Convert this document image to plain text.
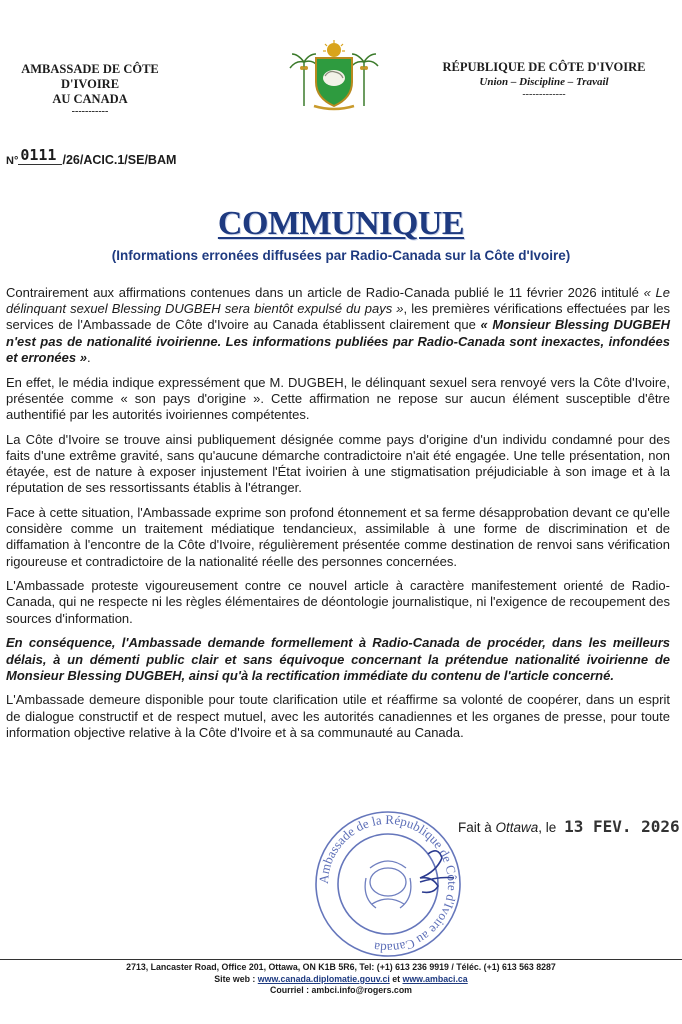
AMBASSADE DE CÔTE D'IVOIRE
AU CANADA
-----------
RÉPUBLIQUE DE CÔTE D'IVOIRE
Union – Discipline – Travail
-------------
N° 0111 /26/ACIC.1/SE/BAM
COMMUNIQUE
(Informations erronées diffusées par Radio-Canada sur la Côte d'Ivoire)

Contrairement aux affirmations contenues dans un article de Radio-Canada publié le 11 février 2026 intitulé « Le délinquant sexuel Blessing DUGBEH sera bientôt expulsé du pays », les premières vérifications effectuées par les services de l'Ambassade de Côte d'Ivoire au Canada établissent clairement que « Monsieur Blessing DUGBEH n'est pas de nationalité ivoirienne. Les informations publiées par Radio-Canada sont inexactes, infondées et erronées ».

En effet, le média indique expressément que M. DUGBEH, le délinquant sexuel sera renvoyé vers la Côte d'Ivoire, présentée comme « son pays d'origine ». Cette affirmation ne repose sur aucun élément susceptible d'être authentifié par les autorités ivoiriennes compétentes.

La Côte d'Ivoire se trouve ainsi publiquement désignée comme pays d'origine d'un individu condamné pour des faits d'une extrême gravité, sans qu'aucune démarche contradictoire n'ait été engagée. Une telle présentation, non étayée, est de nature à exposer injustement l'État ivoirien à une stigmatisation préjudiciable à son image et à la réputation de ses ressortissants établis à l'étranger.

Face à cette situation, l'Ambassade exprime son profond étonnement et sa ferme désapprobation devant ce qu'elle considère comme un traitement médiatique tendancieux, assimilable à une forme de discrimination et de diffamation à l'encontre de la Côte d'Ivoire, régulièrement présentée comme destination de renvoi sans vérification rigoureuse et contradictoire de la nationalité réelle des personnes concernées.

L'Ambassade proteste vigoureusement contre ce nouvel article à caractère manifestement orienté de Radio-Canada, qui ne respecte ni les règles élémentaires de déontologie journalistique, ni l'exigence de recoupement des sources d'information.

En conséquence, l'Ambassade demande formellement à Radio-Canada de procéder, dans les meilleurs délais, à un démenti public clair et sans équivoque concernant la prétendue nationalité ivoirienne de Monsieur Blessing DUGBEH, ainsi qu'à la rectification immédiate du contenu de l'article concerné.

L'Ambassade demeure disponible pour toute clarification utile et réaffirme sa volonté de coopérer, dans un esprit de dialogue constructif et de respect mutuel, avec les autorités canadiennes et les organes de presse, pour toute information objective relative à la Côte d'Ivoire et à sa communauté au Canada.

Ambassade de la République de Côte d'Ivoire au Canada
Fait à Ottawa, le 13 FEV. 2026
2713, Lancaster Road, Office 201, Ottawa, ON K1B 5R6, Tel: (+1) 613 236 9919 / Téléc. (+1) 613 563 8287
Site web : www.canada.diplomatie.gouv.ci et www.ambaci.ca
Courriel : ambci.info@rogers.com
